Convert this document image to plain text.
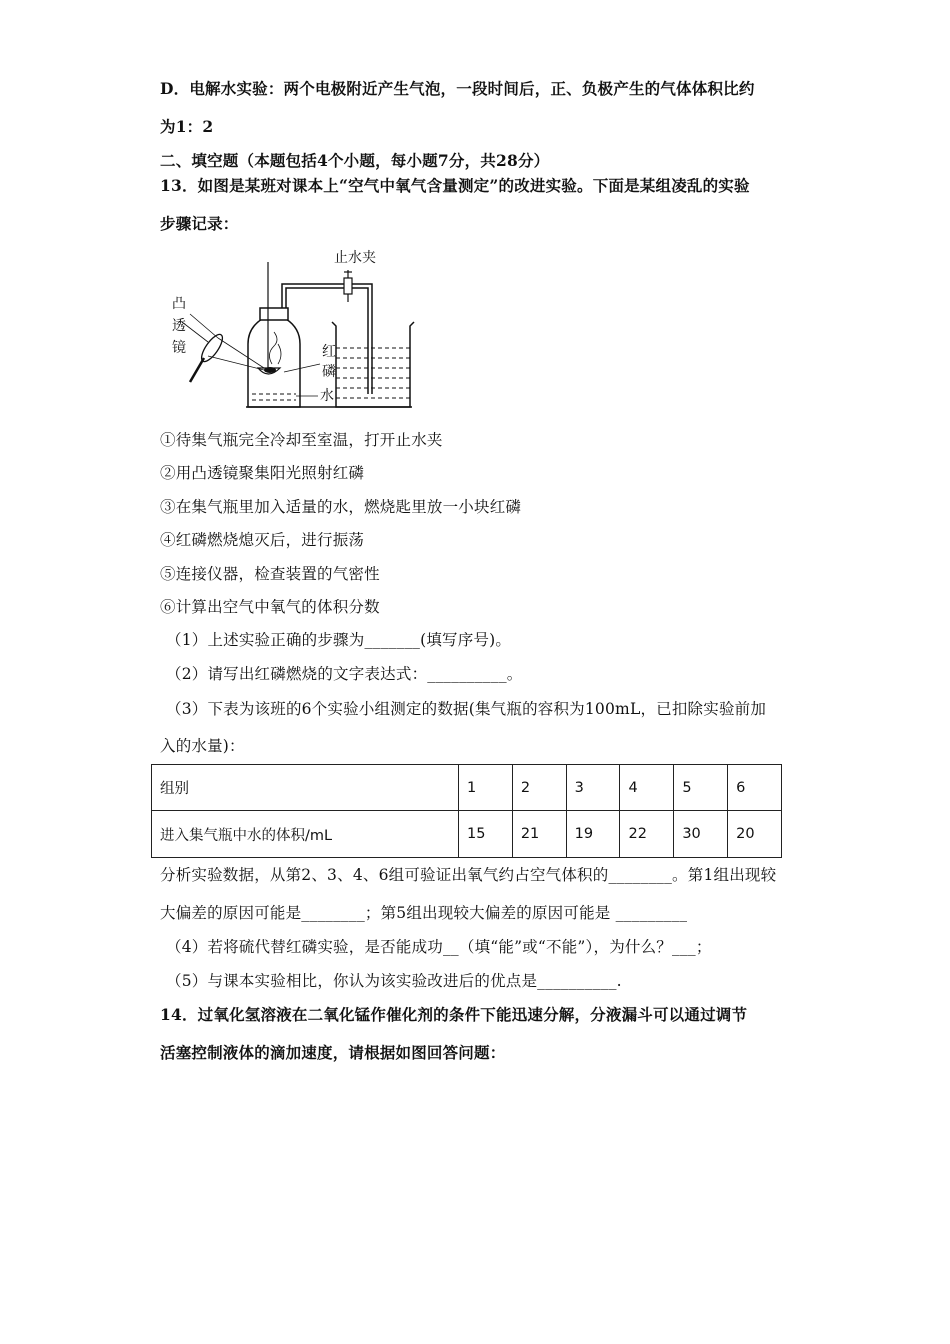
D．电解水实验：两个电极附近产生气泡，一段时间后，正、负极产生的气体体积比约
为1：2
二、填空题（本题包括4个小题，每小题7分，共28分）
13．如图是某班对课本上“空气中氧气含量测定”的改进实验。下面是某组凌乱的实验
步骤记录：
止水夹
凸
透
镜	红
磷
水
①待集气瓶完全冷却至室温，打开止水夹
②用凸透镜聚集阳光照射红磷
③在集气瓶里加入适量的水，燃烧匙里放一小块红磷
④红磷燃烧熄灭后，进行振荡
⑤连接仪器，检查装置的气密性
⑥计算出空气中氧气的体积分数
（1）上述实验正确的步骤为_______(填写序号)。
（2）请写出红磷燃烧的文字表达式：__________。
（3）下表为该班的6个实验小组测定的数据(集气瓶的容积为100mL，已扣除实验前加
入的水量)：
组别	1	2	3	4	5	6
进入集气瓶中水的体积/mL	15	21	19	22	30	20
分析实验数据，从第2、3、4、6组可验证出氧气约占空气体积的________。第1组出现较
大偏差的原因可能是________；第5组出现较大偏差的原因可能是 _________
（4）若将硫代替红磷实验，是否能成功__（填“能”或“不能”），为什么？___；
（5）与课本实验相比，你认为该实验改进后的优点是__________.
14．过氧化氢溶液在二氧化锰作催化剂的条件下能迅速分解，分液漏斗可以通过调节
活塞控制液体的滴加速度，请根据如图回答问题：
